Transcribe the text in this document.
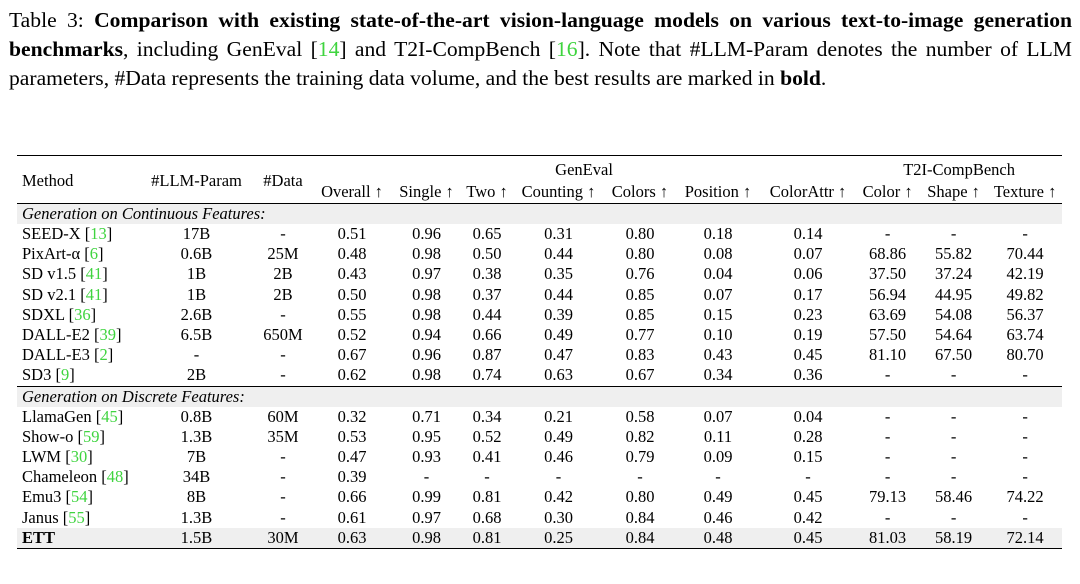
Table 3: Comparison with existing state-of-the-art vision-language models on various text-to-image generation benchmarks, including GenEval [14] and T2I-CompBench [16]. Note that #LLM-Param denotes the number of LLM parameters, #Data represents the training data volume, and the best results are marked in bold.
Method	#LLM-Param	#Data	GenEval							T2I-CompBench		
			Overall ↑	Single ↑	Two ↑	Counting ↑	Colors ↑	Position ↑	ColorAttr ↑	Color ↑	Shape ↑	Texture ↑
Generation on Continuous Features:												
SEED-X [13]	17B	-	0.51	0.96	0.65	0.31	0.80	0.18	0.14	-	-	-
PixArt-α [6]	0.6B	25M	0.48	0.98	0.50	0.44	0.80	0.08	0.07	68.86	55.82	70.44
SD v1.5 [41]	1B	2B	0.43	0.97	0.38	0.35	0.76	0.04	0.06	37.50	37.24	42.19
SD v2.1 [41]	1B	2B	0.50	0.98	0.37	0.44	0.85	0.07	0.17	56.94	44.95	49.82
SDXL [36]	2.6B	-	0.55	0.98	0.44	0.39	0.85	0.15	0.23	63.69	54.08	56.37
DALL-E2 [39]	6.5B	650M	0.52	0.94	0.66	0.49	0.77	0.10	0.19	57.50	54.64	63.74
DALL-E3 [2]	-	-	0.67	0.96	0.87	0.47	0.83	0.43	0.45	81.10	67.50	80.70
SD3 [9]	2B	-	0.62	0.98	0.74	0.63	0.67	0.34	0.36	-	-	-
Generation on Discrete Features:												
LlamaGen [45]	0.8B	60M	0.32	0.71	0.34	0.21	0.58	0.07	0.04	-	-	-
Show-o [59]	1.3B	35M	0.53	0.95	0.52	0.49	0.82	0.11	0.28	-	-	-
LWM [30]	7B	-	0.47	0.93	0.41	0.46	0.79	0.09	0.15	-	-	-
Chameleon [48]	34B	-	0.39	-	-	-	-	-	-	-	-	-
Emu3 [54]	8B	-	0.66	0.99	0.81	0.42	0.80	0.49	0.45	79.13	58.46	74.22
Janus [55]	1.3B	-	0.61	0.97	0.68	0.30	0.84	0.46	0.42	-	-	-
ETT	1.5B	30M	0.63	0.98	0.81	0.25	0.84	0.48	0.45	81.03	58.19	72.14
